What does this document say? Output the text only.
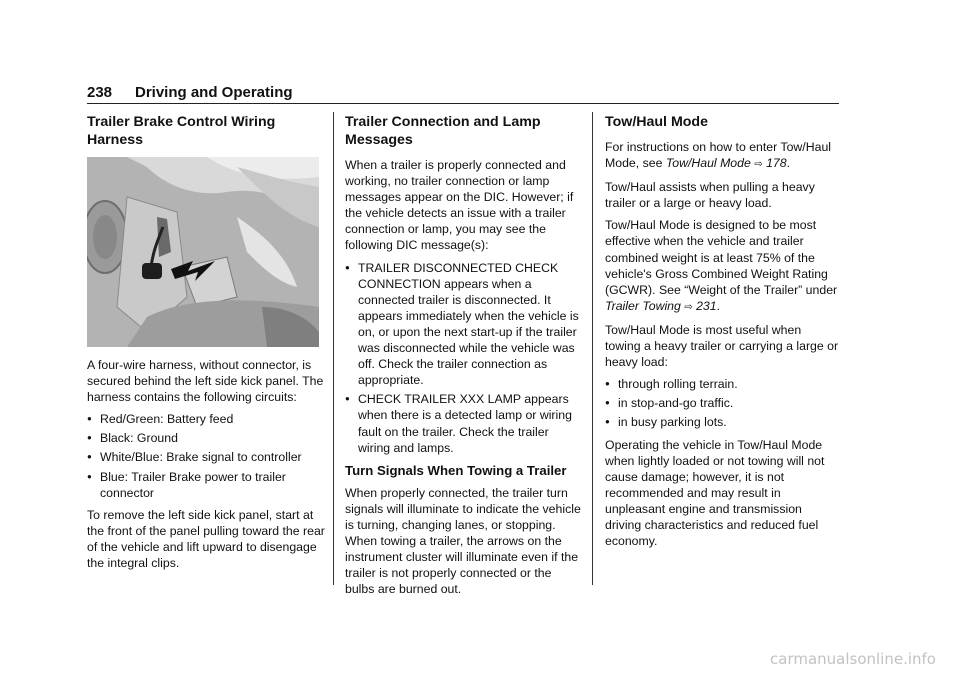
238 Driving and Operating
Trailer Brake Control Wiring Harness

A four-wire harness, without connector, is secured behind the left side kick panel. The harness contains the following circuits:

● Red/Green: Battery feed
● Black: Ground
● White/Blue: Brake signal to controller
● Blue: Trailer Brake power to trailer connector

To remove the left side kick panel, start at the front of the panel pulling toward the rear of the vehicle and lift upward to disengage the integral clips.

Trailer Connection and Lamp Messages

When a trailer is properly connected and working, no trailer connection or lamp messages appear on the DIC. However; if the vehicle detects an issue with a trailer connection or lamp, you may see the following DIC message(s):

● TRAILER DISCONNECTED CHECK CONNECTION appears when a connected trailer is disconnected. It appears immediately when the vehicle is on, or upon the next start-up if the trailer was disconnected while the vehicle was off. Check the trailer connection as appropriate.
● CHECK TRAILER XXX LAMP appears when there is a detected lamp or wiring fault on the trailer. Check the trailer wiring and lamps.
Turn Signals When Towing a Trailer

When properly connected, the trailer turn signals will illuminate to indicate the vehicle is turning, changing lanes, or stopping. When towing a trailer, the arrows on the instrument cluster will illuminate even if the trailer is not properly connected or the bulbs are burned out.

Tow/Haul Mode

For instructions on how to enter Tow/Haul Mode, see Tow/Haul Mode ⇨ 178.

Tow/Haul assists when pulling a heavy trailer or a large or heavy load.

Tow/Haul Mode is designed to be most effective when the vehicle and trailer combined weight is at least 75% of the vehicle's Gross Combined Weight Rating (GCWR). See “Weight of the Trailer” under Trailer Towing ⇨ 231.

Tow/Haul Mode is most useful when towing a heavy trailer or carrying a large or heavy load:

● through rolling terrain.
● in stop-and-go traffic.
● in busy parking lots.

Operating the vehicle in Tow/Haul Mode when lightly loaded or not towing will not cause damage; however, it is not recommended and may result in unpleasant engine and transmission driving characteristics and reduced fuel economy.

carmanualsonline.info
